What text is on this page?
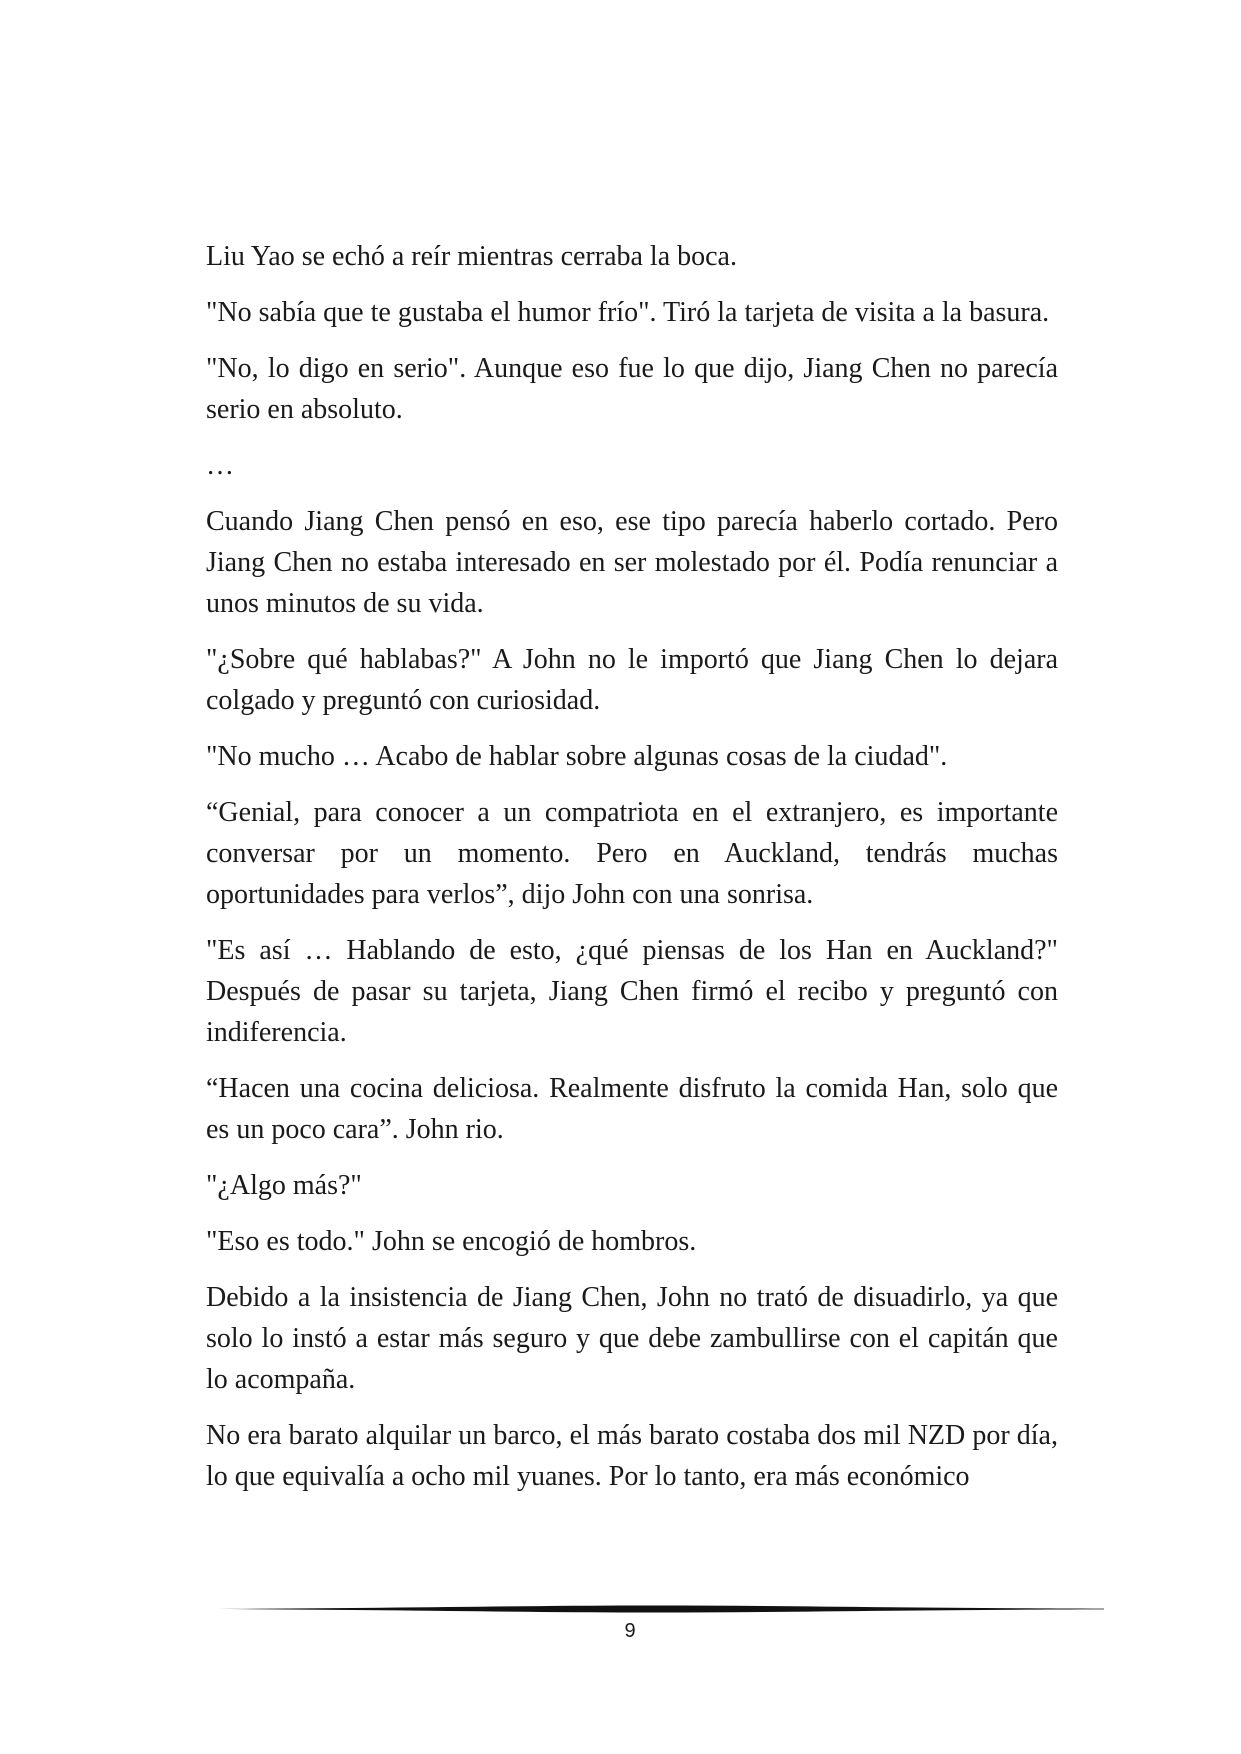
Liu Yao se echó a reír mientras cerraba la boca.

"No sabía que te gustaba el humor frío". Tiró la tarjeta de visita a la basura.

"No, lo digo en serio". Aunque eso fue lo que dijo, Jiang Chen no parecía serio en absoluto.

…

Cuando Jiang Chen pensó en eso, ese tipo parecía haberlo cortado. Pero Jiang Chen no estaba interesado en ser molestado por él. Podía renunciar a unos minutos de su vida.

"¿Sobre qué hablabas?" A John no le importó que Jiang Chen lo dejara colgado y preguntó con curiosidad.

"No mucho … Acabo de hablar sobre algunas cosas de la ciudad".

“Genial, para conocer a un compatriota en el extranjero, es importante conversar por un momento. Pero en Auckland, tendrás muchas oportunidades para verlos”, dijo John con una sonrisa.

"Es así … Hablando de esto, ¿qué piensas de los Han en Auckland?" Después de pasar su tarjeta, Jiang Chen firmó el recibo y preguntó con indiferencia.

“Hacen una cocina deliciosa. Realmente disfruto la comida Han, solo que es un poco cara”. John rio.

"¿Algo más?"

"Eso es todo." John se encogió de hombros.

Debido a la insistencia de Jiang Chen, John no trató de disuadirlo, ya que solo lo instó a estar más seguro y que debe zambullirse con el capitán que lo acompaña.

No era barato alquilar un barco, el más barato costaba dos mil NZD por día, lo que equivalía a ocho mil yuanes. Por lo tanto, era más económico

9
